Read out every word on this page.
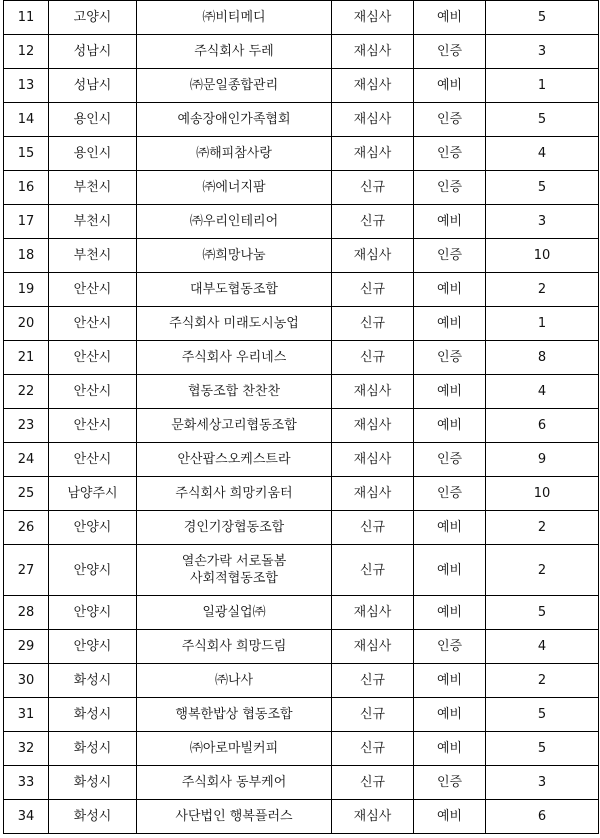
11	고양시	㈜비티메디	재심사	예비	5
12	성남시	주식회사 두레	재심사	인증	3
13	성남시	㈜문일종합관리	재심사	예비	1
14	용인시	예송장애인가족협회	재심사	인증	5
15	용인시	㈜해피참사랑	재심사	인증	4
16	부천시	㈜에너지팜	신규	인증	5
17	부천시	㈜우리인테리어	신규	예비	3
18	부천시	㈜희망나눔	재심사	인증	10
19	안산시	대부도협동조합	신규	예비	2
20	안산시	주식회사 미래도시농업	신규	예비	1
21	안산시	주식회사 우리네스	신규	인증	8
22	안산시	협동조합 찬찬찬	재심사	예비	4
23	안산시	문화세상고리협동조합	재심사	예비	6
24	안산시	안산팝스오케스트라	재심사	인증	9
25	남양주시	주식회사 희망키움터	재심사	인증	10
26	안양시	경인기장협동조합	신규	예비	2
27	안양시	열손가락 서로돌봄
사회적협동조합	신규	예비	2
28	안양시	일광실업㈜	재심사	예비	5
29	안양시	주식회사 희망드림	재심사	인증	4
30	화성시	㈜나사	신규	예비	2
31	화성시	행복한밥상 협동조합	신규	예비	5
32	화성시	㈜아로마빌커피	신규	예비	5
33	화성시	주식회사 동부케어	신규	인증	3
34	화성시	사단법인 행복플러스	재심사	예비	6
